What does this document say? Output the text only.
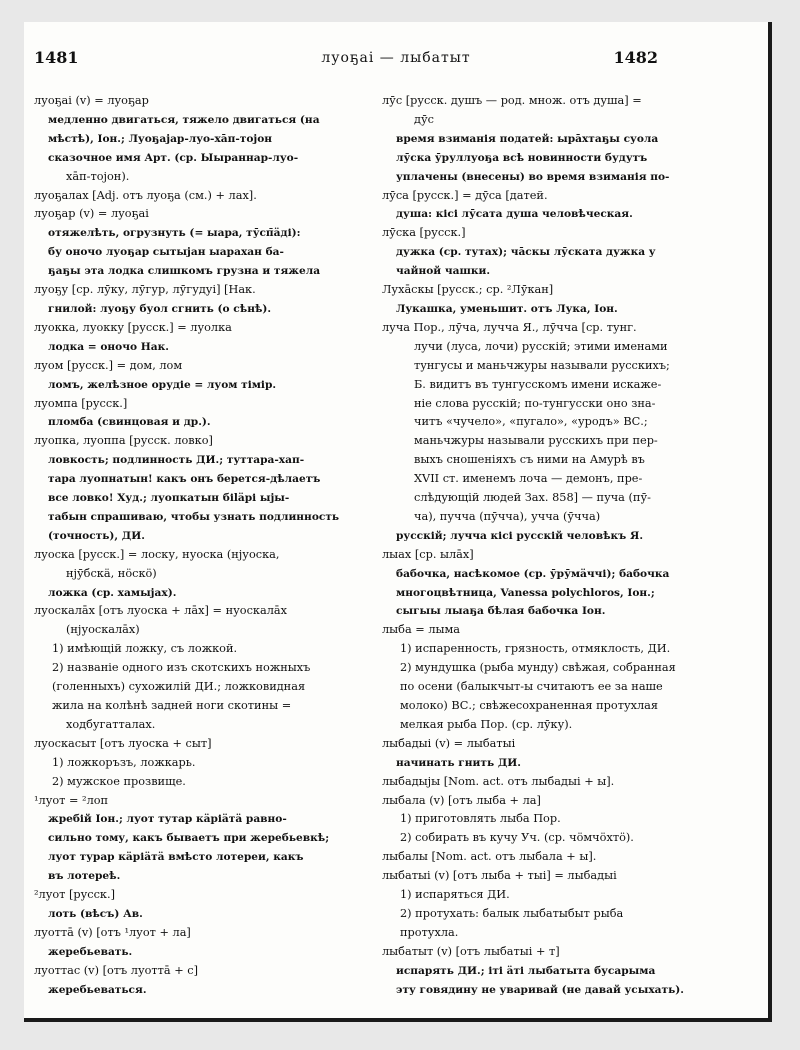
1481	луоҕаі — лыбатыт	1482

луоҕаі (v) = луоҕар

медленно двигаться, тяжело двигаться (на

мѣстѣ), Іон.; Луоҕаjар-луо-хāп-тоjон

сказочное имя Арт. (ср. Ыыраннар-луо-

хāп-тоjон).

луоҕалах [Adj. отъ луоҕа (см.) + лах].

луоҕар (v) = луоҕаі

отяжелѣть, огрузнуть (= ыара, тӯсп̄äді):

бу оночо луоҕар сытыjан ыарахан ба-

ҕаҕы эта лодка слишкомъ грузна и тяжела

луоҕу [ср. лӯку, лӯгур, лӯгудуі] [Нак.

гнилой: луоҕу буол сгнить (о сѣнѣ).

луокка, луокку [русск.] = луолка

лодка = оночо Нак.

луом [русск.] = дом, лом

ломъ, желѣзное орудіе = луом тімір.

луомпа [русск.]

пломба (свинцовая и др.).

луопка, луоппа [русск. ловко]

ловкость; подлинность ДИ.; туттара-хап-

тара луопнатын! какъ онъ берется-дѣлаетъ

все ловко! Худ.; луопкатын біläрі ыjы-

табын спрашиваю, чтобы узнать подлинность

(точность), ДИ.

луоска [русск.] = лоску, нуоска (нjуоска,

нjӯбскä, нöскö)

ложка (ср. хамыjах).

луоскалāх [отъ луоска + лāх] = нуоскалāх

(нjуоскалāх)

1) имѣющій ложку, съ ложкой.

2) названіе одного изъ скотскихъ ножныхъ

(голенныхъ) сухожилій ДИ.; ложковидная

жила на колѣнѣ задней ноги скотины =

ходбугатталах.

луоскасыт [отъ луоска + сыт]

1) ложкоръзъ, ложкарь.

2) мужское прозвище.

¹луот = ²лоп

жребій Іон.; луот тутар кäріäтä равно-

сильно тому, какъ бываетъ при жеребьевкѣ;

луот турар кäріäтä вмѣсто лотереи, какъ

въ лотереѣ.

²луот [русск.]

лоть (вѣсъ) Ав.

луоттā (v) [отъ ¹луот + ла]

жеребьевать.

луоттас (v) [отъ луоттā + с]

жеребьеваться.

лӯс [русск. душъ — род. множ. отъ душа] =

дӯс

время взиманія податей: ырāхтаҕы суола

лӯска ӯруллуоҕа всѣ новинности будутъ

уплачены (внесены) во время взиманія по-

лӯса [русск.] = дӯса [датей.

душа: кісі лӯсата душа человѣческая.

лӯска [русск.]

дужка (ср. тутах); чāскы лӯската дужка у

чайной чашки.

Лухāскы [русск.; ср. ²Лӯкан]

Лукашка, уменьшит. отъ Лука, Іон.

луча Пор., лӯча, лучча Я., лӯчча [ср. тунг.

лучи (луса, лочи) русскій; этими именами

тунгусы и маньчжуры называли русскихъ;

Б. видитъ въ тунгусскомъ имени искаже-

ніе слова русскій; по-тунгусски оно зна-

читъ «чучело», «пугало», «уродъ» ВС.;

маньчжуры называли русскихъ при пер-

выхъ сношеніяхъ съ ними на Амурѣ въ

XVII ст. именемъ лоча — демонъ, пре-

слѣдующій людей Зах. 858] — пуча (пӯ-

ча), пучча (пӯчча), учча (ӯчча)

русскій; лучча кісі русскій человѣкъ Я.

лыах [ср. ылāх]

бабочка, насѣкомое (ср. ӯрӯмäччі); бабочка

многоцвѣтница, Vanessa polychloros, Іон.;

сыгыы лыаҕа бѣлая бабочка Іон.

лыба = лыма

1) испаренность, грязность, отмяклость, ДИ.

2) мундушка (рыба мунду) свѣжая, собранная

по осени (балыкчыт-ы считаютъ ее за наше

молоко) ВС.; свѣжесохраненная протухлая

мелкая рыба Пор. (ср. лӯку).

лыбадыі (v) = лыбатыі

начинать гнить ДИ.

лыбадыjы [Nom. act. отъ лыбадыі + ы].

лыбала (v) [отъ лыба + ла]

1) приготовлять лыба Пор.

2) собирать въ кучу Уч. (ср. чöмчöхтö).

лыбалы [Nom. act. отъ лыбала + ы].

лыбатыі (v) [отъ лыба + тыі] = лыбадыі

1) испаряться ДИ.

2) протухать: балык лыбатыбыт рыба

протухла.

лыбатыт (v) [отъ лыбатыі + т]

испарять ДИ.; іті äті лыбатыта бусарыма

эту говядину не уваривай (не давай усыхать).
